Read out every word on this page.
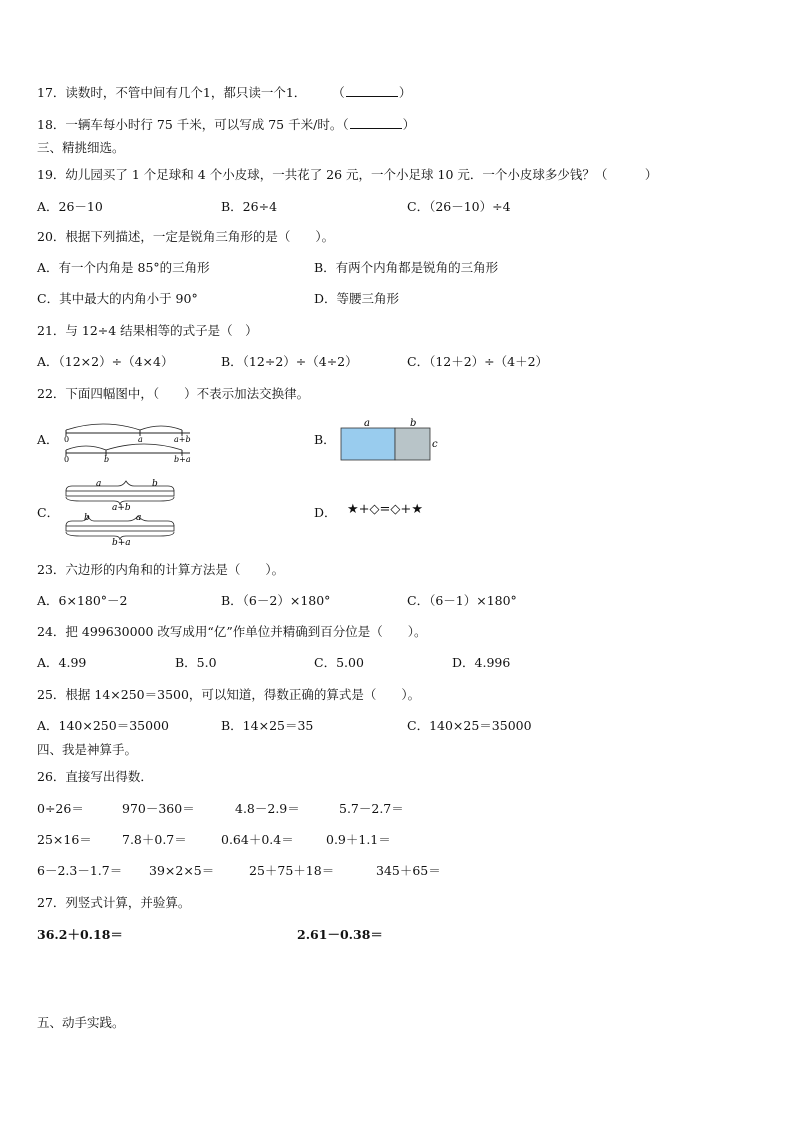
17．读数时，不管中间有几个1，都只读一个1． （	）
18．一辆车每小时行 75 千米，可以写成 75 千米/时。（	）
三、精挑细选。
19．幼儿园买了 1 个足球和 4 个小皮球，一共花了 26 元，一个小足球 10 元．一个小皮球多少钱？（　　　）
A．26－10	B．26÷4	C．（26－10）÷4
20．根据下列描述，一定是锐角三角形的是（　　）。
A．有一个内角是 85°的三角形	B．有两个内角都是锐角的三角形
C．其中最大的内角小于 90°	D．等腰三角形
21．与 12÷4 结果相等的式子是（　）
A．（12×2）÷（4×4）	B．（12÷2）÷（4÷2）	C．（12＋2）÷（4＋2）
22．下面四幅图中，（　　）不表示加法交换律。
A． 0	a	a+b
0	b	b+a
B．
a	b
c
C．
a	b
a+b
b	a
b+a
D． ★+◇=◇+★
23．六边形的内角和的计算方法是（　　）。
A．6×180°－2	B．（6－2）×180°	C．（6－1）×180°
24．把 499630000 改写成用“亿”作单位并精确到百分位是（　　）。
A．4.99	B．5.0	C．5.00	D．4.996
25．根据 14×250＝3500，可以知道，得数正确的算式是（　　）。
A．140×250＝35000	B．14×25＝35	C．140×25＝35000
四、我是神算手。
26．直接写出得数．
0÷26＝	970－360＝	4.8－2.9＝	5.7－2.7＝
25×16＝ 7.8＋0.7＝	0.64＋0.4＝	0.9＋1.1＝
6－2.3－1.7＝ 39×2×5＝	25＋75＋18＝	345＋65＝
27．列竖式计算，并验算。
36.2＋0.18＝	2.61－0.38＝
五、动手实践。
